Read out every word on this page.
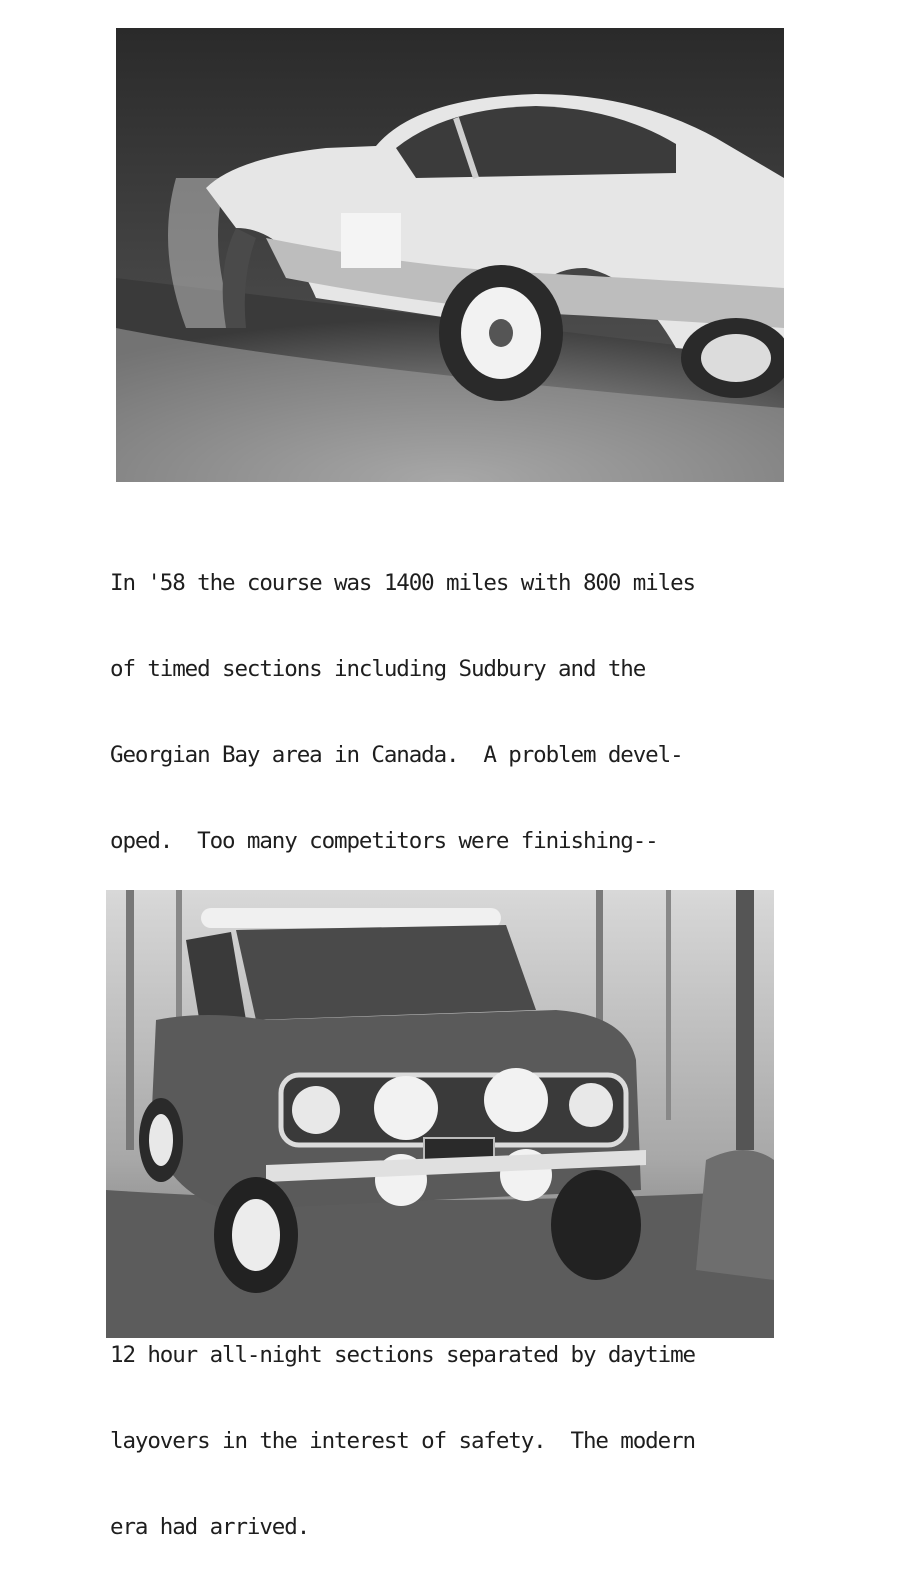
In '58 the course was 1400 miles with 800 miles

of timed sections including Sudbury and the

Georgian Bay area in Canada.  A problem devel-

oped.  Too many competitors were finishing--

12 hour all-night sections separated by daytime

layovers in the interest of safety.  The modern

era had arrived.
